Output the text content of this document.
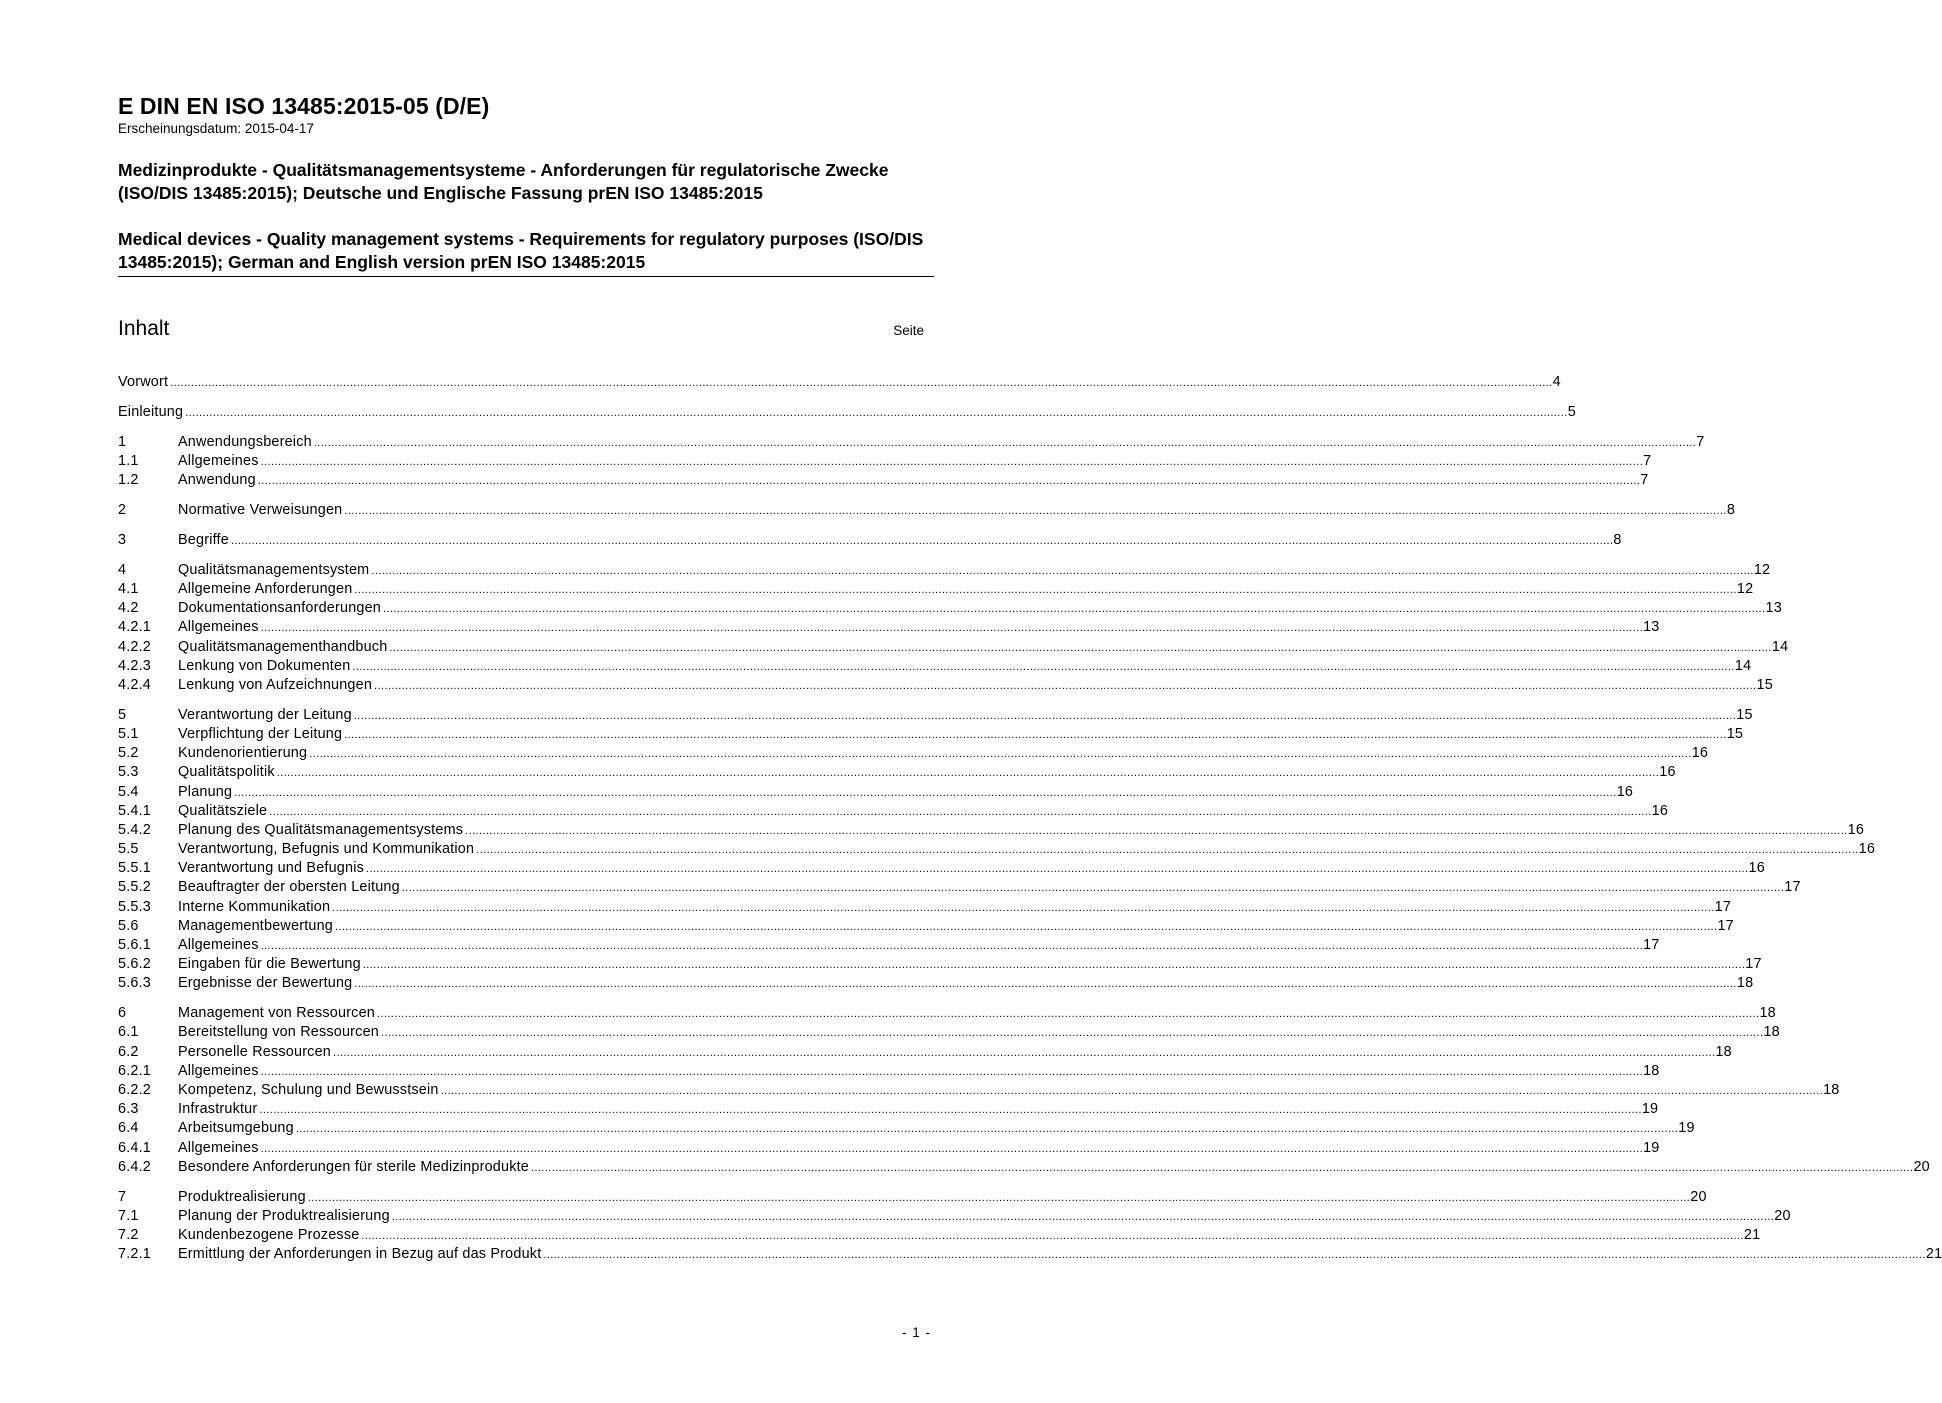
E DIN EN ISO 13485:2015-05 (D/E)

Erscheinungsdatum: 2015-04-17

Medizinprodukte - Qualitätsmanagementsysteme - Anforderungen für regulatorische Zwecke (ISO/DIS 13485:2015); Deutsche und Englische Fassung prEN ISO 13485:2015
Medical devices - Quality management systems - Requirements for regulatory purposes (ISO/DIS 13485:2015); German and English version prEN ISO 13485:2015
Inhalt	Seite
Vorwort ................................................................................................................................................................................................................................................................................................................................................................................................................ 4
Einleitung ................................................................................................................................................................................................................................................................................................................................................................................................................ 5
1	Anwendungsbereich ................................................................................................................................................................................................................................................................................................................................................................................................................ 7
1.1	Allgemeines ................................................................................................................................................................................................................................................................................................................................................................................................................ 7
1.2	Anwendung ................................................................................................................................................................................................................................................................................................................................................................................................................ 7
2	Normative Verweisungen ................................................................................................................................................................................................................................................................................................................................................................................................................ 8
3	Begriffe ................................................................................................................................................................................................................................................................................................................................................................................................................ 8
4	Qualitätsmanagementsystem ................................................................................................................................................................................................................................................................................................................................................................................................................ 12
4.1	Allgemeine Anforderungen ................................................................................................................................................................................................................................................................................................................................................................................................................ 12
4.2	Dokumentationsanforderungen ................................................................................................................................................................................................................................................................................................................................................................................................................ 13
4.2.1	Allgemeines ................................................................................................................................................................................................................................................................................................................................................................................................................ 13
4.2.2	Qualitätsmanagementhandbuch ................................................................................................................................................................................................................................................................................................................................................................................................................ 14
4.2.3	Lenkung von Dokumenten ................................................................................................................................................................................................................................................................................................................................................................................................................ 14
4.2.4	Lenkung von Aufzeichnungen ................................................................................................................................................................................................................................................................................................................................................................................................................ 15
5	Verantwortung der Leitung ................................................................................................................................................................................................................................................................................................................................................................................................................ 15
5.1	Verpflichtung der Leitung ................................................................................................................................................................................................................................................................................................................................................................................................................ 15
5.2	Kundenorientierung ................................................................................................................................................................................................................................................................................................................................................................................................................ 16
5.3	Qualitätspolitik ................................................................................................................................................................................................................................................................................................................................................................................................................ 16
5.4	Planung ................................................................................................................................................................................................................................................................................................................................................................................................................ 16
5.4.1	Qualitätsziele ................................................................................................................................................................................................................................................................................................................................................................................................................ 16
5.4.2	Planung des Qualitätsmanagementsystems ................................................................................................................................................................................................................................................................................................................................................................................................................ 16
5.5	Verantwortung, Befugnis und Kommunikation ................................................................................................................................................................................................................................................................................................................................................................................................................ 16
5.5.1	Verantwortung und Befugnis ................................................................................................................................................................................................................................................................................................................................................................................................................ 16
5.5.2	Beauftragter der obersten Leitung ................................................................................................................................................................................................................................................................................................................................................................................................................ 17
5.5.3	Interne Kommunikation ................................................................................................................................................................................................................................................................................................................................................................................................................ 17
5.6	Managementbewertung ................................................................................................................................................................................................................................................................................................................................................................................................................ 17
5.6.1	Allgemeines ................................................................................................................................................................................................................................................................................................................................................................................................................ 17
5.6.2	Eingaben für die Bewertung ................................................................................................................................................................................................................................................................................................................................................................................................................ 17
5.6.3	Ergebnisse der Bewertung ................................................................................................................................................................................................................................................................................................................................................................................................................ 18
6	Management von Ressourcen ................................................................................................................................................................................................................................................................................................................................................................................................................ 18
6.1	Bereitstellung von Ressourcen ................................................................................................................................................................................................................................................................................................................................................................................................................ 18
6.2	Personelle Ressourcen ................................................................................................................................................................................................................................................................................................................................................................................................................ 18
6.2.1	Allgemeines ................................................................................................................................................................................................................................................................................................................................................................................................................ 18
6.2.2	Kompetenz, Schulung und Bewusstsein ................................................................................................................................................................................................................................................................................................................................................................................................................ 18
6.3	Infrastruktur ................................................................................................................................................................................................................................................................................................................................................................................................................ 19
6.4	Arbeitsumgebung ................................................................................................................................................................................................................................................................................................................................................................................................................ 19
6.4.1	Allgemeines ................................................................................................................................................................................................................................................................................................................................................................................................................ 19
6.4.2	Besondere Anforderungen für sterile Medizinprodukte ................................................................................................................................................................................................................................................................................................................................................................................................................ 20
7	Produktrealisierung ................................................................................................................................................................................................................................................................................................................................................................................................................ 20
7.1	Planung der Produktrealisierung ................................................................................................................................................................................................................................................................................................................................................................................................................ 20
7.2	Kundenbezogene Prozesse ................................................................................................................................................................................................................................................................................................................................................................................................................ 21
7.2.1	Ermittlung der Anforderungen in Bezug auf das Produkt ................................................................................................................................................................................................................................................................................................................................................................................................................ 21
- 1 -
